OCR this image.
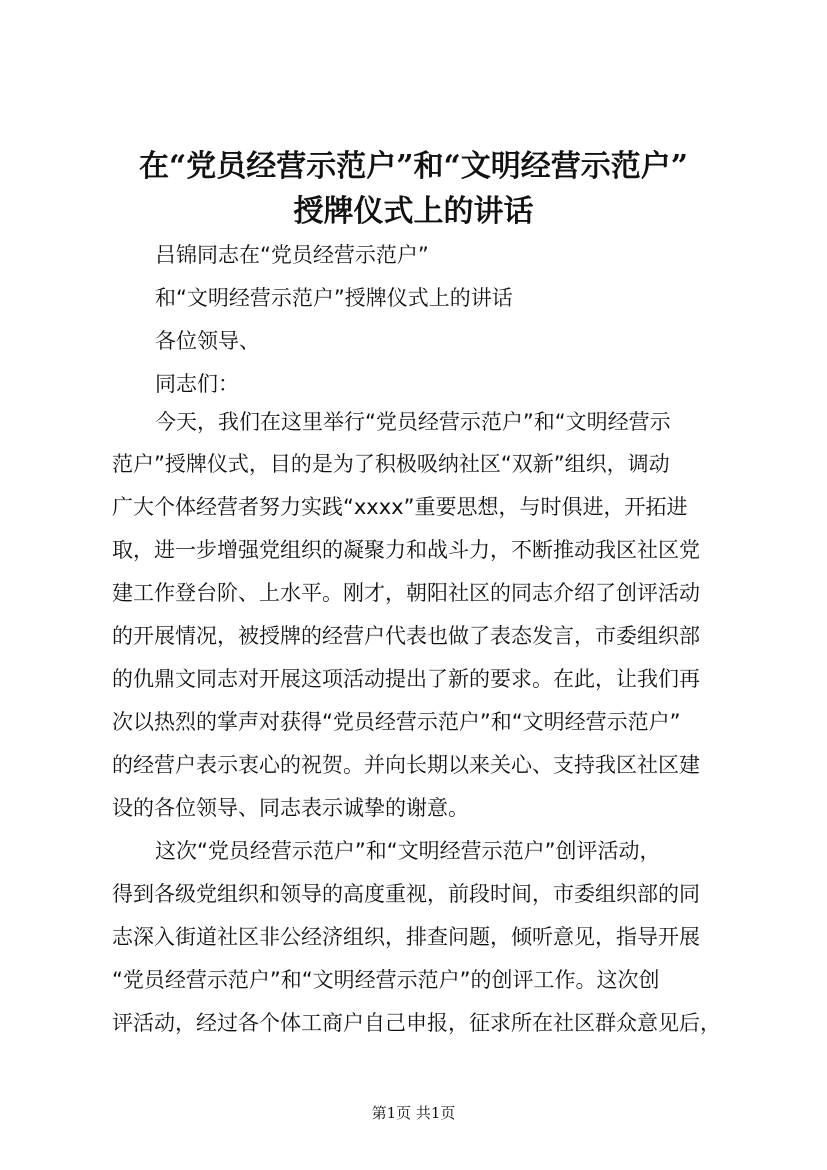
在“党员经营示范户”和“文明经营示范户”
授牌仪式上的讲话
吕锦同志在“党员经营示范户”
和“文明经营示范户”授牌仪式上的讲话
各位领导、
同志们：
今天，我们在这里举行“党员经营示范户”和“文明经营示
范户”授牌仪式，目的是为了积极吸纳社区“双新”组织，调动
广大个体经营者努力实践“xxxx”重要思想，与时俱进，开拓进
取，进一步增强党组织的凝聚力和战斗力，不断推动我区社区党
建工作登台阶、上水平。刚才，朝阳社区的同志介绍了创评活动
的开展情况，被授牌的经营户代表也做了表态发言，市委组织部
的仇鼎文同志对开展这项活动提出了新的要求。在此，让我们再
次以热烈的掌声对获得“党员经营示范户”和“文明经营示范户”
的经营户表示衷心的祝贺。并向长期以来关心、支持我区社区建
设的各位领导、同志表示诚挚的谢意。
这次“党员经营示范户”和“文明经营示范户”创评活动，
得到各级党组织和领导的高度重视，前段时间，市委组织部的同
志深入街道社区非公经济组织，排查问题，倾听意见，指导开展
“党员经营示范户”和“文明经营示范户”的创评工作。这次创
评活动，经过各个体工商户自己申报，征求所在社区群众意见后，
第1页 共1页
